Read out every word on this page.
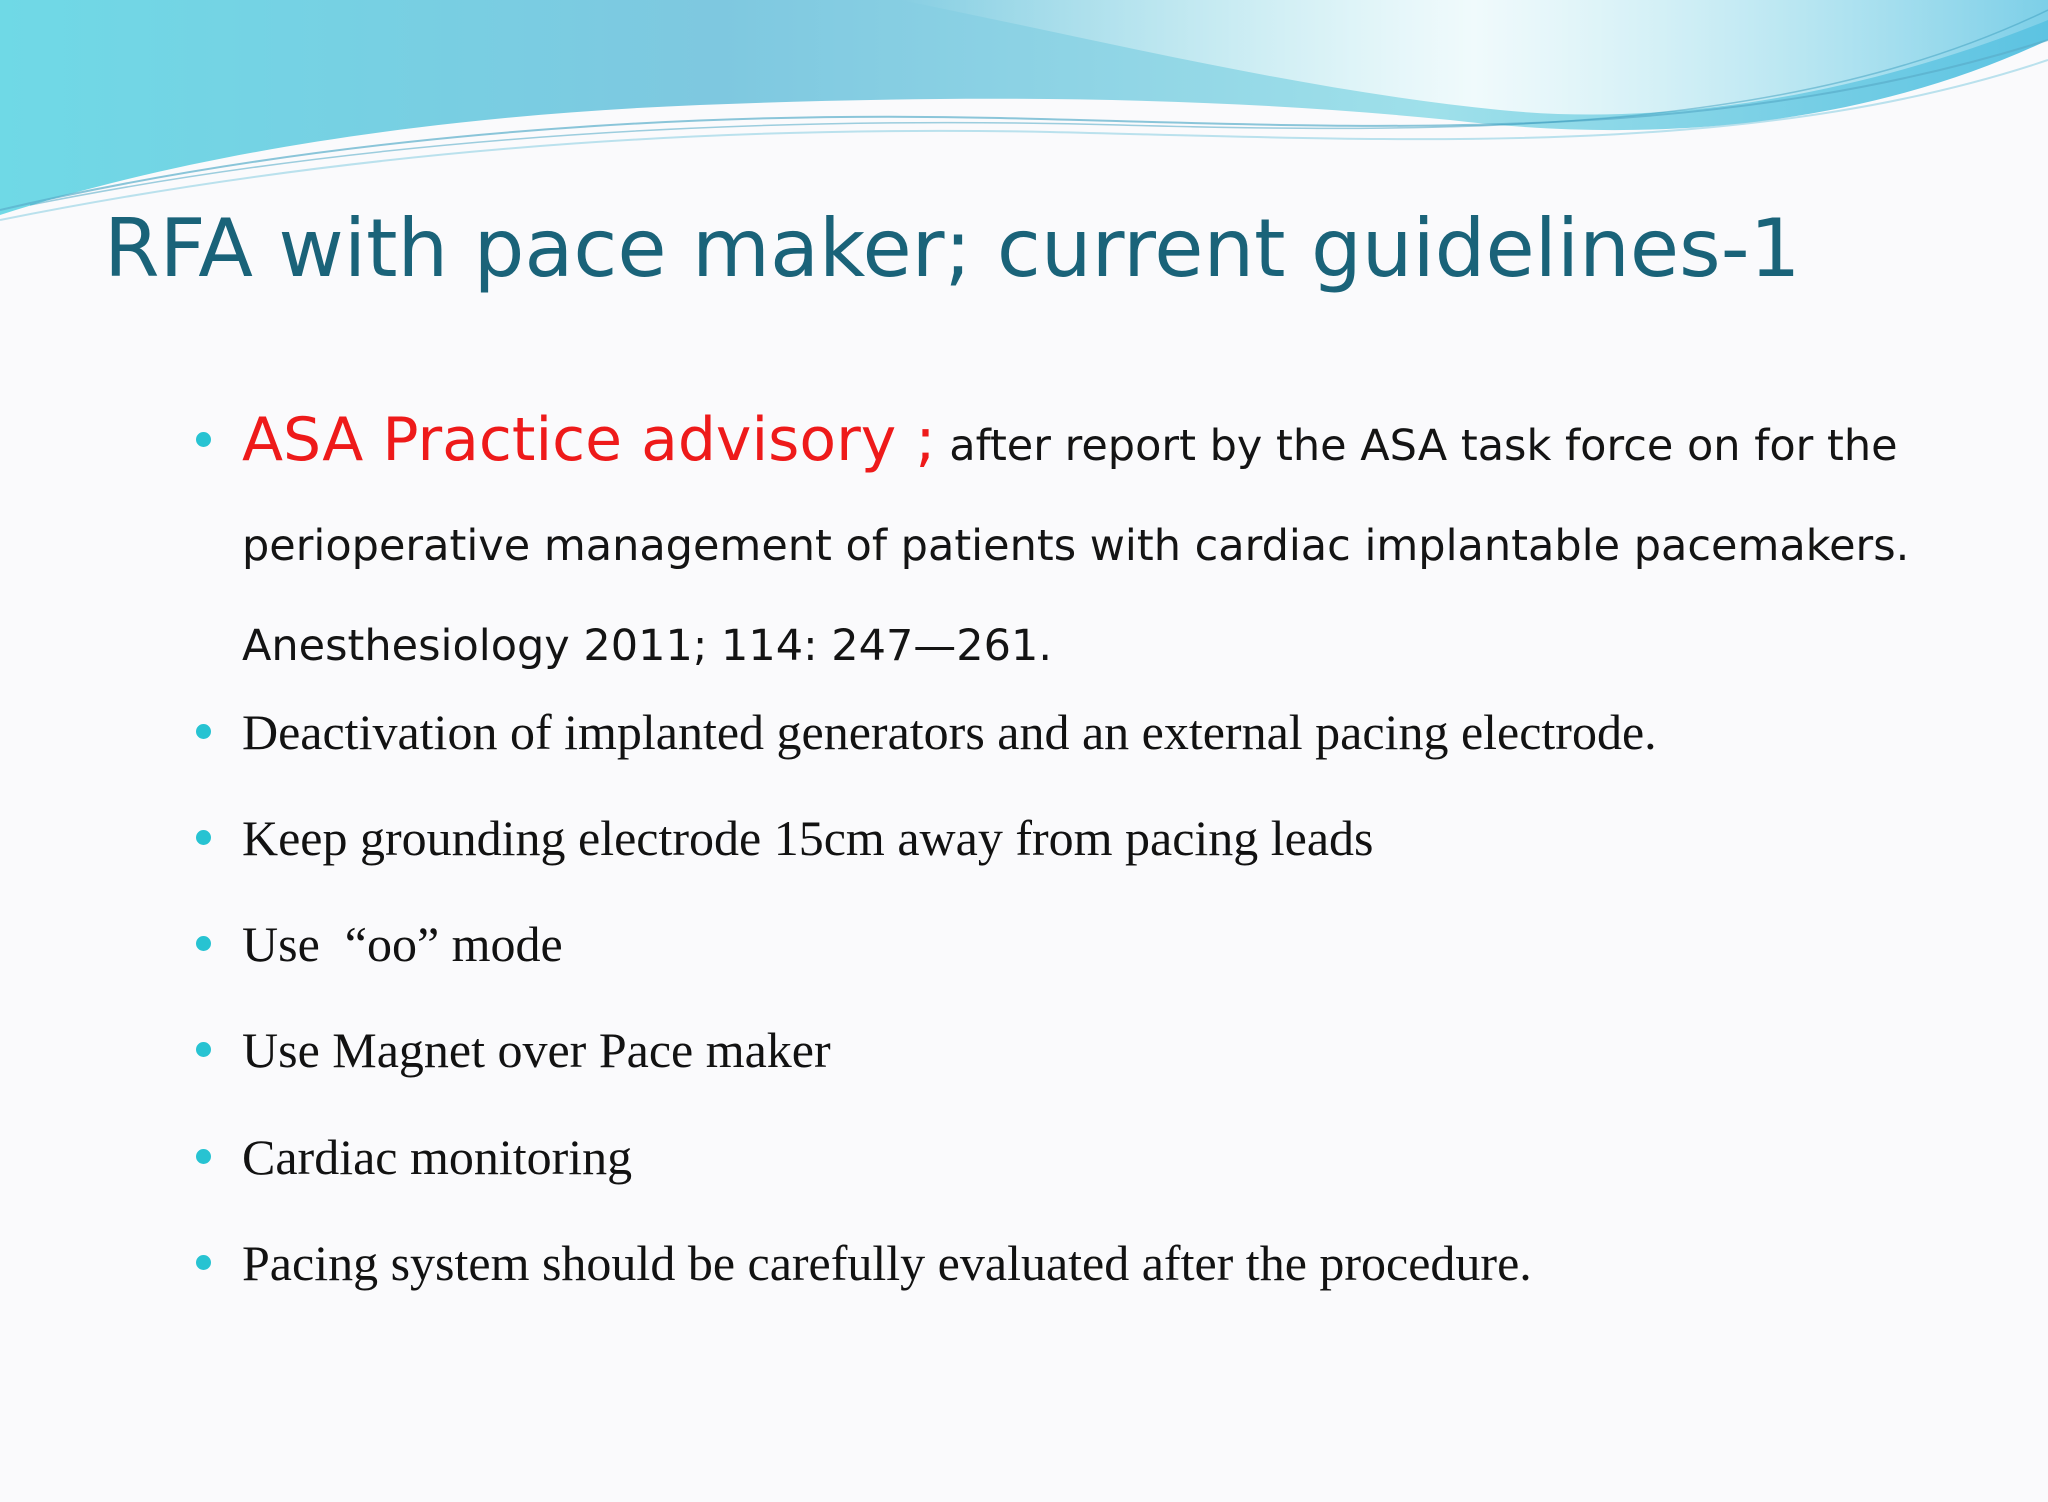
RFA with pace maker; current guidelines-1
ASA Practice advisory ; after report by the ASA task force on for the perioperative management of patients with cardiac implantable pacemakers. Anesthesiology 2011; 114: 247—261.
Deactivation of implanted generators and an external pacing electrode.
Keep grounding electrode 15cm away from pacing leads
Use  “oo” mode
Use Magnet over Pace maker
Cardiac monitoring
Pacing system should be carefully evaluated after the procedure.
